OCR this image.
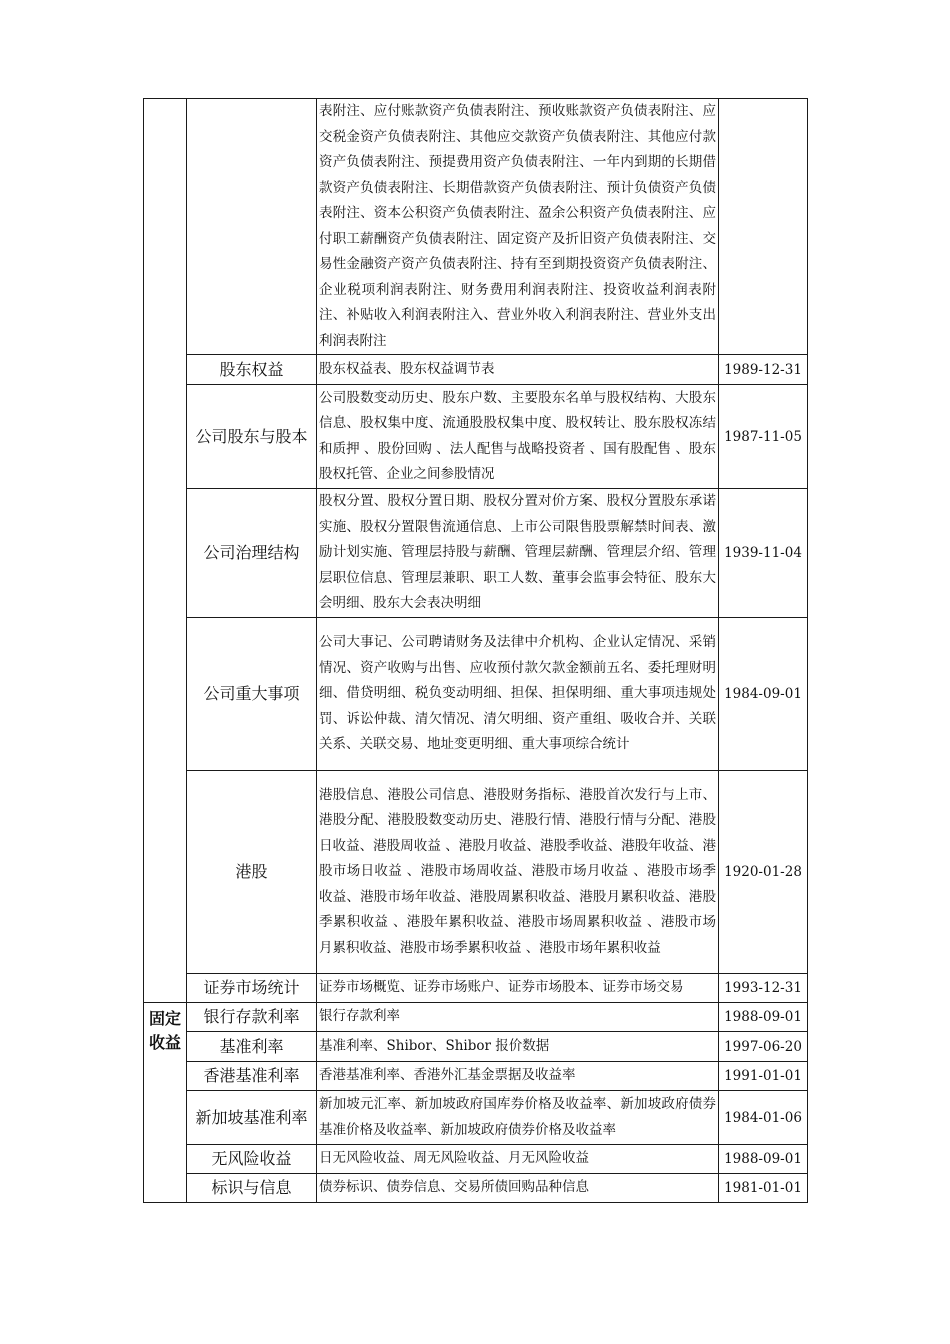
		表附注、应付账款资产负债表附注、预收账款资产负债表附注、应交税金资产负债表附注、其他应交款资产负债表附注、其他应付款资产负债表附注、预提费用资产负债表附注、一年内到期的长期借款资产负债表附注、长期借款资产负债表附注、预计负债资产负债表附注、资本公积资产负债表附注、盈余公积资产负债表附注、应付职工薪酬资产负债表附注、固定资产及折旧资产负债表附注、交易性金融资产资产负债表附注、持有至到期投资资产负债表附注、企业税项利润表附注、财务费用利润表附注、投资收益利润表附注、补贴收入利润表附注入、营业外收入利润表附注、营业外支出利润表附注	
	股东权益	股东权益表、股东权益调节表	1989-12-31
	公司股东与股本	公司股数变动历史、股东户数、主要股东名单与股权结构、大股东信息、股权集中度、流通股股权集中度、股权转让、股东股权冻结和质押 、股份回购 、法人配售与战略投资者 、国有股配售 、股东股权托管、企业之间参股情况	1987-11-05
	公司治理结构	股权分置、股权分置日期、股权分置对价方案、股权分置股东承诺实施、股权分置限售流通信息、上市公司限售股票解禁时间表、激励计划实施、管理层持股与薪酬、管理层薪酬、管理层介绍、管理层职位信息、管理层兼职、职工人数、董事会监事会特征、股东大会明细、股东大会表决明细	1939-11-04
	公司重大事项	公司大事记、公司聘请财务及法律中介机构、企业认定情况、采销情况、资产收购与出售、应收预付款欠款金额前五名、委托理财明细、借贷明细、税负变动明细、担保、担保明细、重大事项违规处罚、诉讼仲裁、清欠情况、清欠明细、资产重组、吸收合并、关联关系、关联交易、地址变更明细、重大事项综合统计	1984-09-01
	港股	港股信息、港股公司信息、港股财务指标、港股首次发行与上市、港股分配、港股股数变动历史、港股行情、港股行情与分配、港股日收益、港股周收益 、港股月收益、港股季收益、港股年收益、港股市场日收益 、港股市场周收益、港股市场月收益 、港股市场季收益、港股市场年收益、港股周累积收益、港股月累积收益、港股季累积收益 、港股年累积收益、港股市场周累积收益 、港股市场月累积收益、港股市场季累积收益 、港股市场年累积收益	1920-01-28
	证券市场统计	证券市场概览、证券市场账户、证券市场股本、证券市场交易	1993-12-31
固定收益	银行存款利率	银行存款利率	1988-09-01
	基准利率	基准利率、Shibor、Shibor 报价数据	1997-06-20
	香港基准利率	香港基准利率、香港外汇基金票据及收益率	1991-01-01
	新加坡基准利率	新加坡元汇率、新加坡政府国库券价格及收益率、新加坡政府债券基准价格及收益率、新加坡政府债券价格及收益率	1984-01-06
	无风险收益	日无风险收益、周无风险收益、月无风险收益	1988-09-01
	标识与信息	债券标识、债券信息、交易所债回购品种信息	1981-01-01
